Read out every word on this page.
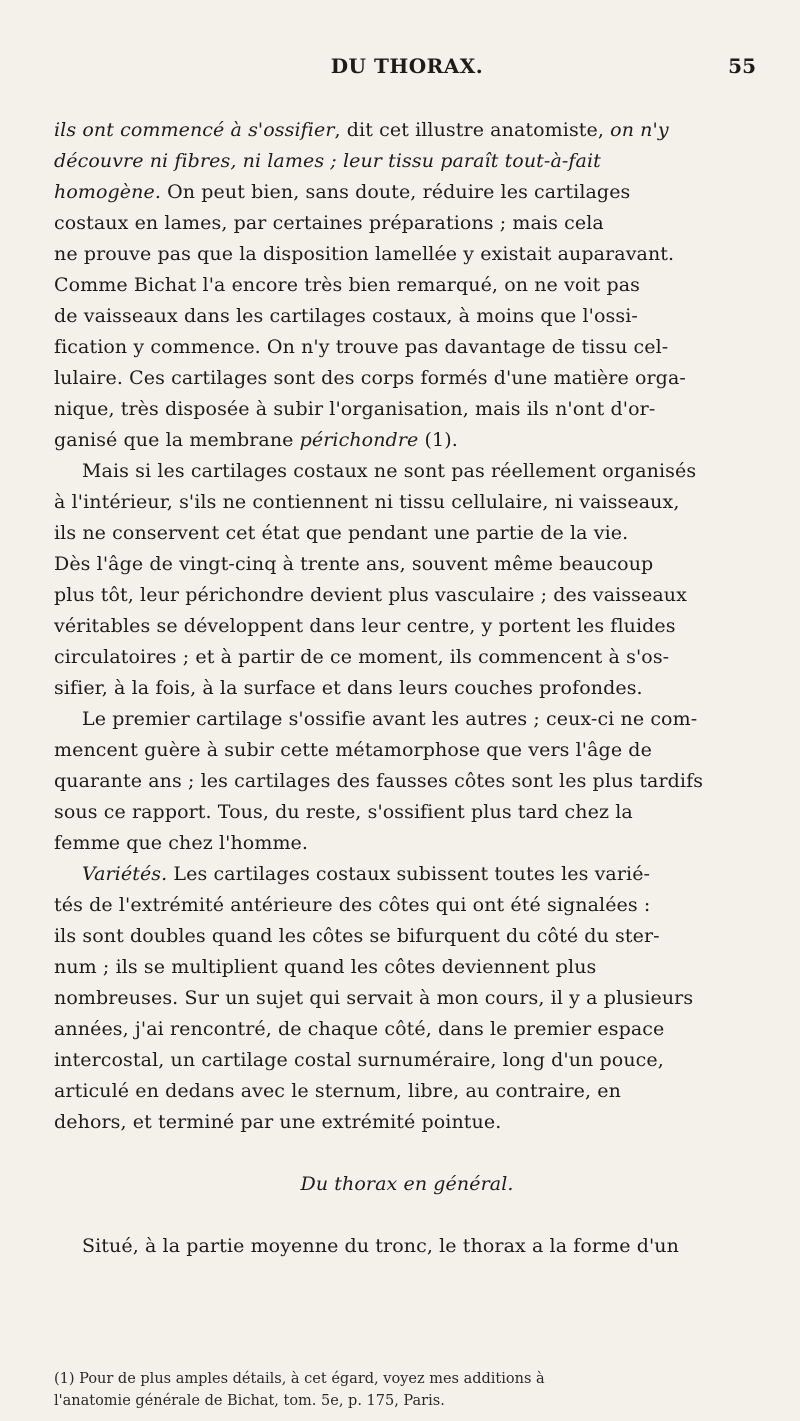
DU THORAX.	55
ils ont commencé à s'ossifier, dit cet illustre anatomiste, on n'y
découvre ni fibres, ni lames ; leur tissu paraît tout-à-fait
homogène. On peut bien, sans doute, réduire les cartilages
costaux en lames, par certaines préparations ; mais cela
ne prouve pas que la disposition lamellée y existait auparavant.
Comme Bichat l'a encore très bien remarqué, on ne voit pas
de vaisseaux dans les cartilages costaux, à moins que l'ossi-
fication y commence. On n'y trouve pas davantage de tissu cel-
lulaire. Ces cartilages sont des corps formés d'une matière orga-
nique, très disposée à subir l'organisation, mais ils n'ont d'or-
ganisé que la membrane périchondre (1).
Mais si les cartilages costaux ne sont pas réellement organisés
à l'intérieur, s'ils ne contiennent ni tissu cellulaire, ni vaisseaux,
ils ne conservent cet état que pendant une partie de la vie.
Dès l'âge de vingt-cinq à trente ans, souvent même beaucoup
plus tôt, leur périchondre devient plus vasculaire ; des vaisseaux
véritables se développent dans leur centre, y portent les fluides
circulatoires ; et à partir de ce moment, ils commencent à s'os-
sifier, à la fois, à la surface et dans leurs couches profondes.
Le premier cartilage s'ossifie avant les autres ; ceux-ci ne com-
mencent guère à subir cette métamorphose que vers l'âge de
quarante ans ; les cartilages des fausses côtes sont les plus tardifs
sous ce rapport. Tous, du reste, s'ossifient plus tard chez la
femme que chez l'homme.
Variétés. Les cartilages costaux subissent toutes les varié-
tés de l'extrémité antérieure des côtes qui ont été signalées :
ils sont doubles quand les côtes se bifurquent du côté du ster-
num ; ils se multiplient quand les côtes deviennent plus
nombreuses. Sur un sujet qui servait à mon cours, il y a plusieurs
années, j'ai rencontré, de chaque côté, dans le premier espace
intercostal, un cartilage costal surnuméraire, long d'un pouce,
articulé en dedans avec le sternum, libre, au contraire, en
dehors, et terminé par une extrémité pointue.
Du thorax en général.
Situé, à la partie moyenne du tronc, le thorax a la forme d'un
(1) Pour de plus amples détails, à cet égard, voyez mes additions à
l'anatomie générale de Bichat, tom. 5e, p. 175, Paris.
